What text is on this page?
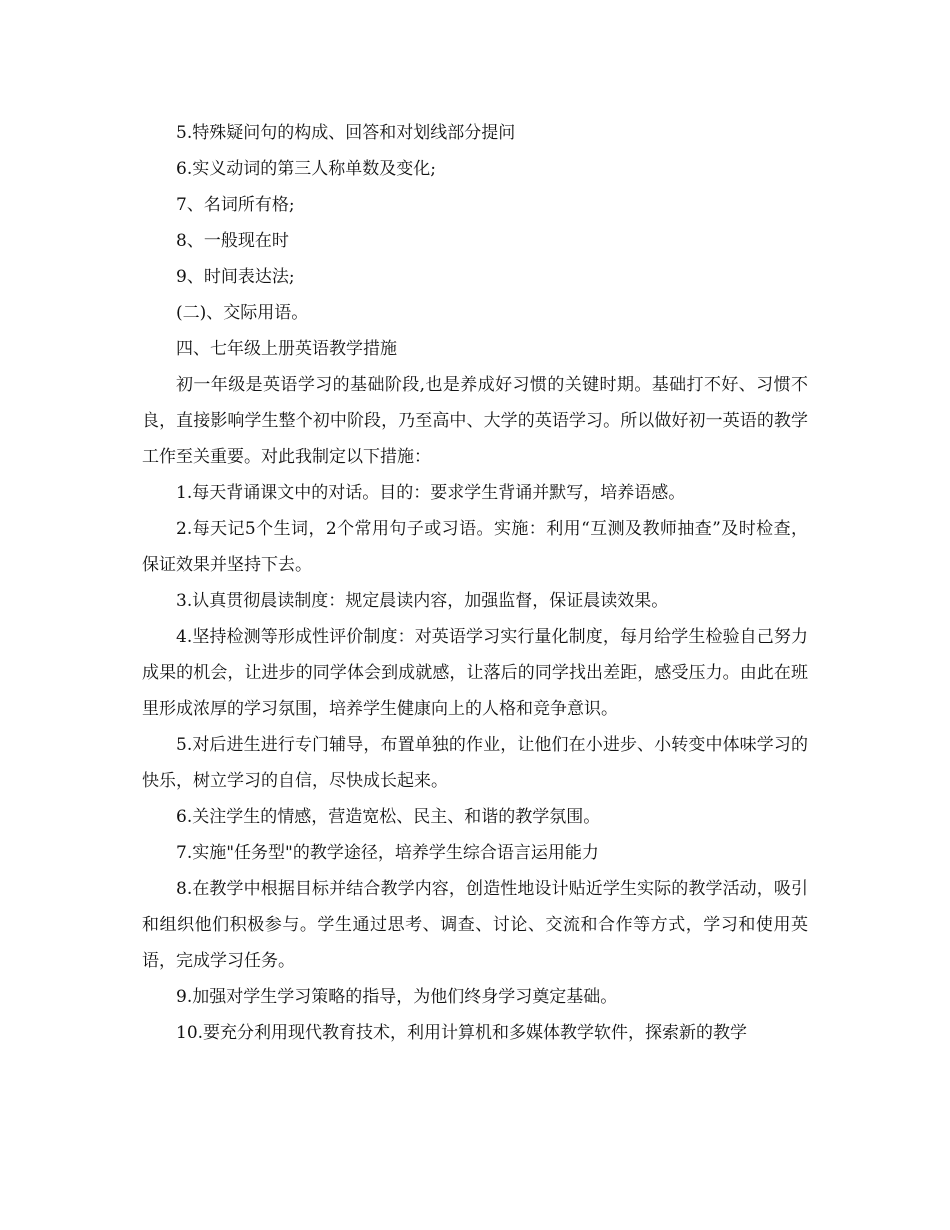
5.特殊疑问句的构成、回答和对划线部分提问

6.实义动词的第三人称单数及变化;

7、名词所有格;

8、一般现在时

9、时间表达法;

(二)、交际用语。

四、七年级上册英语教学措施

初一年级是英语学习的基础阶段,也是养成好习惯的关键时期。基础打不好、习惯不良，直接影响学生整个初中阶段，乃至高中、大学的英语学习。所以做好初一英语的教学工作至关重要。对此我制定以下措施：

1.每天背诵课文中的对话。目的：要求学生背诵并默写，培养语感。

2.每天记5个生词，2个常用句子或习语。实施：利用“互测及教师抽查”及时检查，保证效果并坚持下去。

3.认真贯彻晨读制度：规定晨读内容，加强监督，保证晨读效果。

4.坚持检测等形成性评价制度：对英语学习实行量化制度，每月给学生检验自己努力成果的机会，让进步的同学体会到成就感，让落后的同学找出差距，感受压力。由此在班里形成浓厚的学习氛围，培养学生健康向上的人格和竞争意识。

5.对后进生进行专门辅导，布置单独的作业，让他们在小进步、小转变中体味学习的快乐，树立学习的自信，尽快成长起来。

6.关注学生的情感，营造宽松、民主、和谐的教学氛围。

7.实施"任务型"的教学途径，培养学生综合语言运用能力

8.在教学中根据目标并结合教学内容，创造性地设计贴近学生实际的教学活动，吸引和组织他们积极参与。学生通过思考、调查、讨论、交流和合作等方式，学习和使用英语，完成学习任务。

9.加强对学生学习策略的指导，为他们终身学习奠定基础。

10.要充分利用现代教育技术，利用计算机和多媒体教学软件，探索新的教学
